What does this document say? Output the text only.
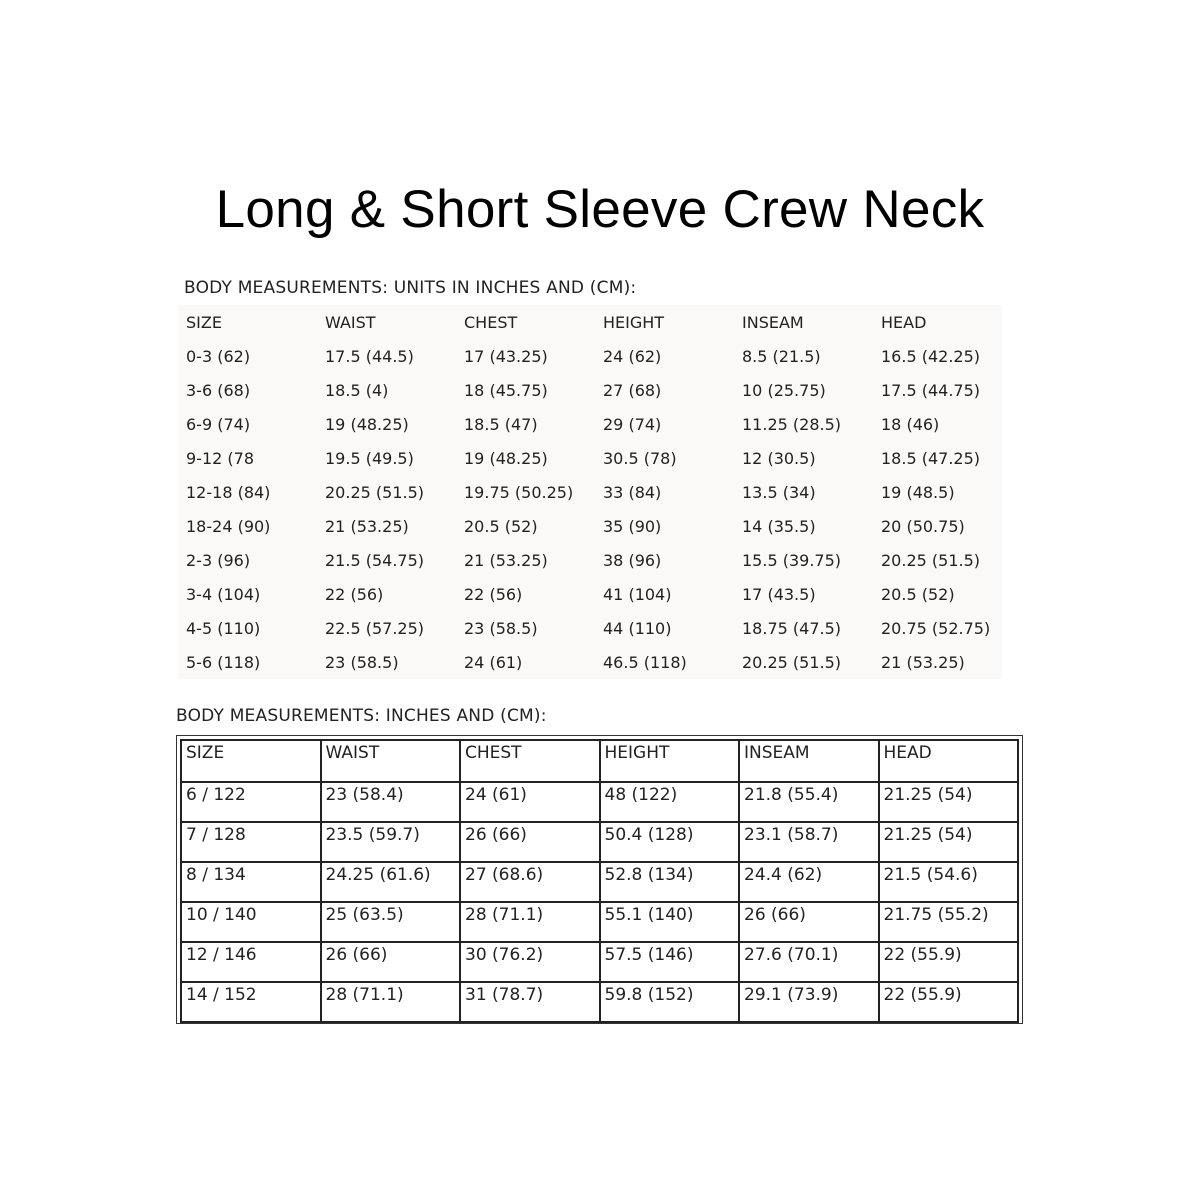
Long & Short Sleeve Crew Neck
BODY MEASUREMENTS: UNITS IN INCHES AND (CM):
SIZE	WAIST	CHEST	HEIGHT	INSEAM	HEAD
0-3 (62)	17.5 (44.5)	17 (43.25)	24 (62)	8.5 (21.5)	16.5 (42.25)
3-6 (68)	18.5 (4)	18 (45.75)	27 (68)	10 (25.75)	17.5 (44.75)
6-9 (74)	19 (48.25)	18.5 (47)	29 (74)	11.25 (28.5)	18 (46)
9-12 (78	19.5 (49.5)	19 (48.25)	30.5 (78)	12 (30.5)	18.5 (47.25)
12-18 (84)	20.25 (51.5)	19.75 (50.25)	33 (84)	13.5 (34)	19 (48.5)
18-24 (90)	21 (53.25)	20.5 (52)	35 (90)	14 (35.5)	20 (50.75)
2-3 (96)	21.5 (54.75)	21 (53.25)	38 (96)	15.5 (39.75)	20.25 (51.5)
3-4 (104)	22 (56)	22 (56)	41 (104)	17 (43.5)	20.5 (52)
4-5 (110)	22.5 (57.25)	23 (58.5)	44 (110)	18.75 (47.5)	20.75 (52.75)
5-6 (118)	23 (58.5)	24 (61)	46.5 (118)	20.25 (51.5)	21 (53.25)
BODY MEASUREMENTS: INCHES AND (CM):
SIZE	WAIST	CHEST	HEIGHT	INSEAM	HEAD
6 / 122	23 (58.4)	24 (61)	48 (122)	21.8 (55.4)	21.25 (54)
7 / 128	23.5 (59.7)	26 (66)	50.4 (128)	23.1 (58.7)	21.25 (54)
8 / 134	24.25 (61.6)	27 (68.6)	52.8 (134)	24.4 (62)	21.5 (54.6)
10 / 140	25 (63.5)	28 (71.1)	55.1 (140)	26 (66)	21.75 (55.2)
12 / 146	26 (66)	30 (76.2)	57.5 (146)	27.6 (70.1)	22 (55.9)
14 / 152	28 (71.1)	31 (78.7)	59.8 (152)	29.1 (73.9)	22 (55.9)
